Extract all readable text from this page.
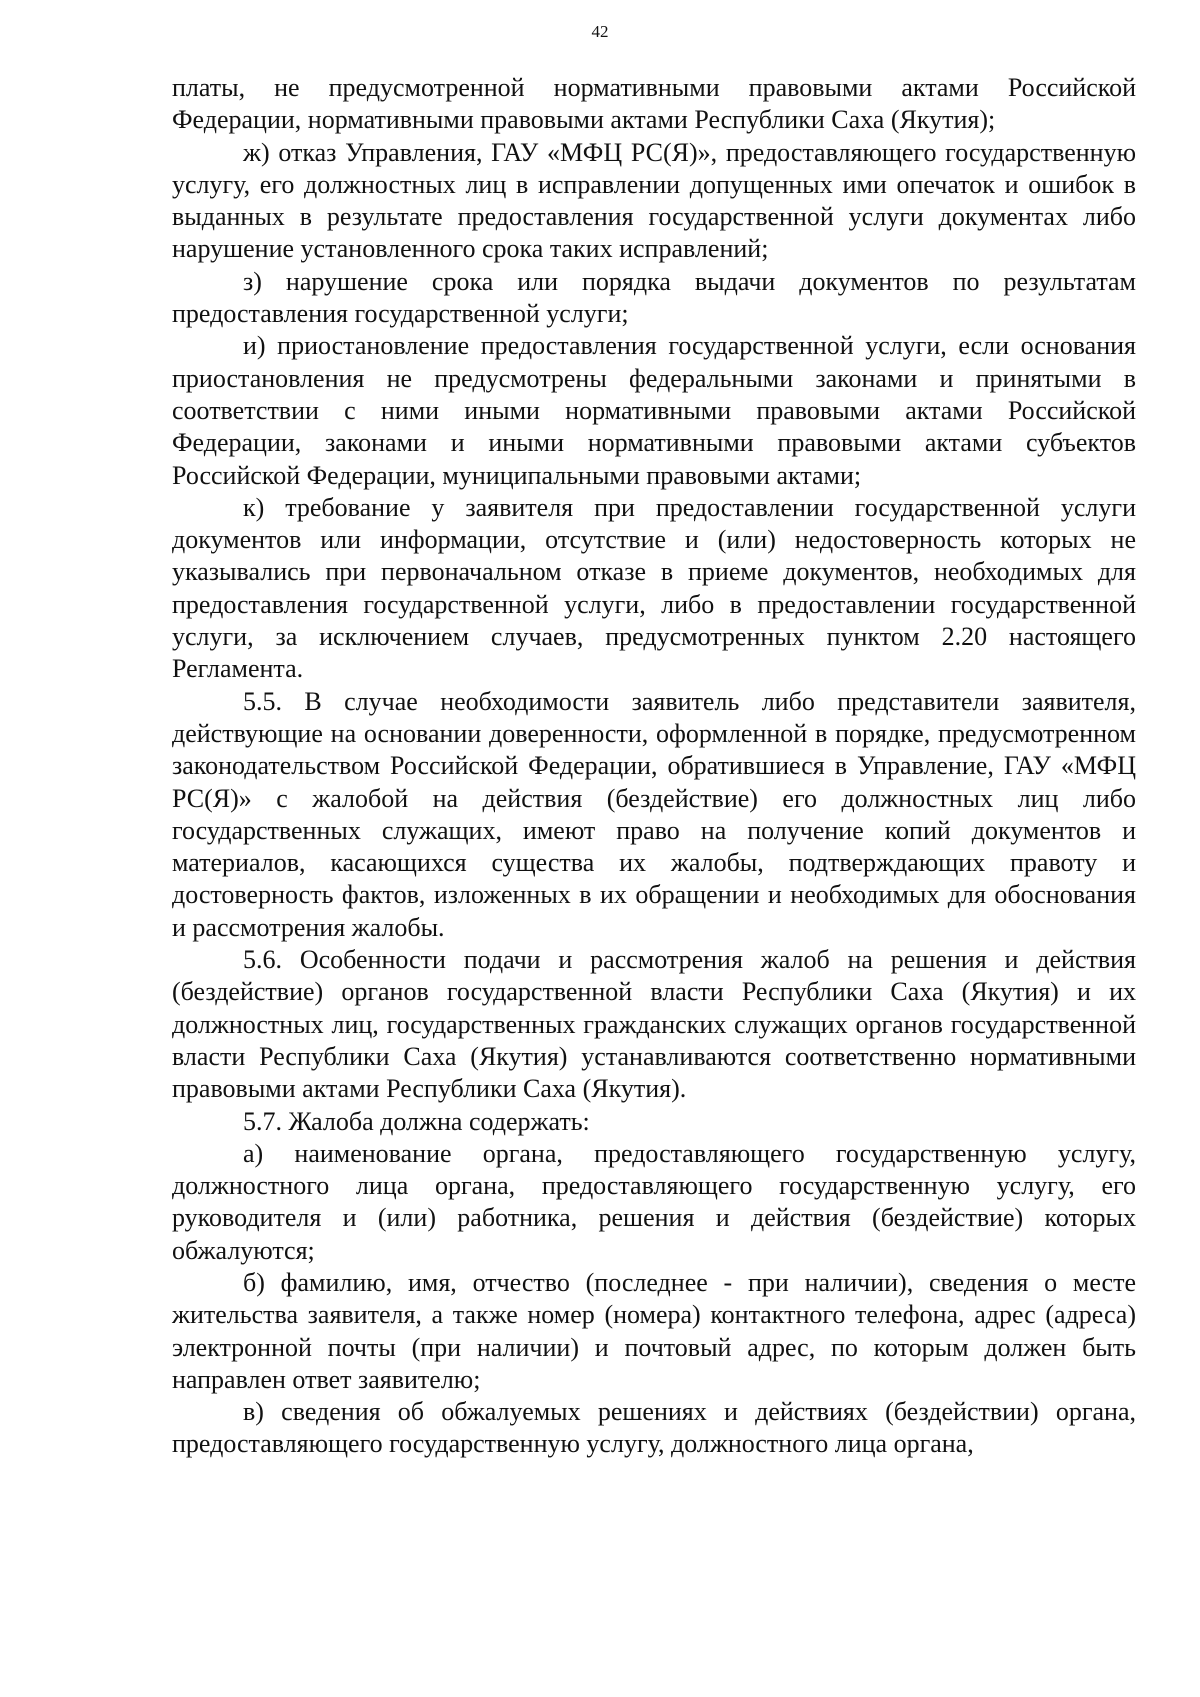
42

платы, не предусмотренной нормативными правовыми актами Российской Федерации, нормативными правовыми актами Республики Саха (Якутия);

ж) отказ Управления, ГАУ «МФЦ РС(Я)», предоставляющего государственную услугу, его должностных лиц в исправлении допущенных ими опечаток и ошибок в выданных в результате предоставления государственной услуги документах либо нарушение установленного срока таких исправлений;

з) нарушение срока или порядка выдачи документов по результатам предоставления государственной услуги;

и) приостановление предоставления государственной услуги, если основания приостановления не предусмотрены федеральными законами и принятыми в соответствии с ними иными нормативными правовыми актами Российской Федерации, законами и иными нормативными правовыми актами субъектов Российской Федерации, муниципальными правовыми актами;

к) требование у заявителя при предоставлении государственной услуги документов или информации, отсутствие и (или) недостоверность которых не указывались при первоначальном отказе в приеме документов, необходимых для предоставления государственной услуги, либо в предоставлении государственной услуги, за исключением случаев, предусмотренных пунктом 2.20 настоящего Регламента.

5.5. В случае необходимости заявитель либо представители заявителя, действующие на основании доверенности, оформленной в порядке, предусмотренном законодательством Российской Федерации, обратившиеся в Управление, ГАУ «МФЦ РС(Я)» с жалобой на действия (бездействие) его должностных лиц либо государственных служащих, имеют право на получение копий документов и материалов, касающихся существа их жалобы, подтверждающих правоту и достоверность фактов, изложенных в их обращении и необходимых для обоснования и рассмотрения жалобы.

5.6. Особенности подачи и рассмотрения жалоб на решения и действия (бездействие) органов государственной власти Республики Саха (Якутия) и их должностных лиц, государственных гражданских служащих органов государственной власти Республики Саха (Якутия) устанавливаются соответственно нормативными правовыми актами Республики Саха (Якутия).

5.7. Жалоба должна содержать:

а) наименование органа, предоставляющего государственную услугу, должностного лица органа, предоставляющего государственную услугу, его руководителя и (или) работника, решения и действия (бездействие) которых обжалуются;

б) фамилию, имя, отчество (последнее - при наличии), сведения о месте жительства заявителя, а также номер (номера) контактного телефона, адрес (адреса) электронной почты (при наличии) и почтовый адрес, по которым должен быть направлен ответ заявителю;

в) сведения об обжалуемых решениях и действиях (бездействии) органа, предоставляющего государственную услугу, должностного лица органа,
